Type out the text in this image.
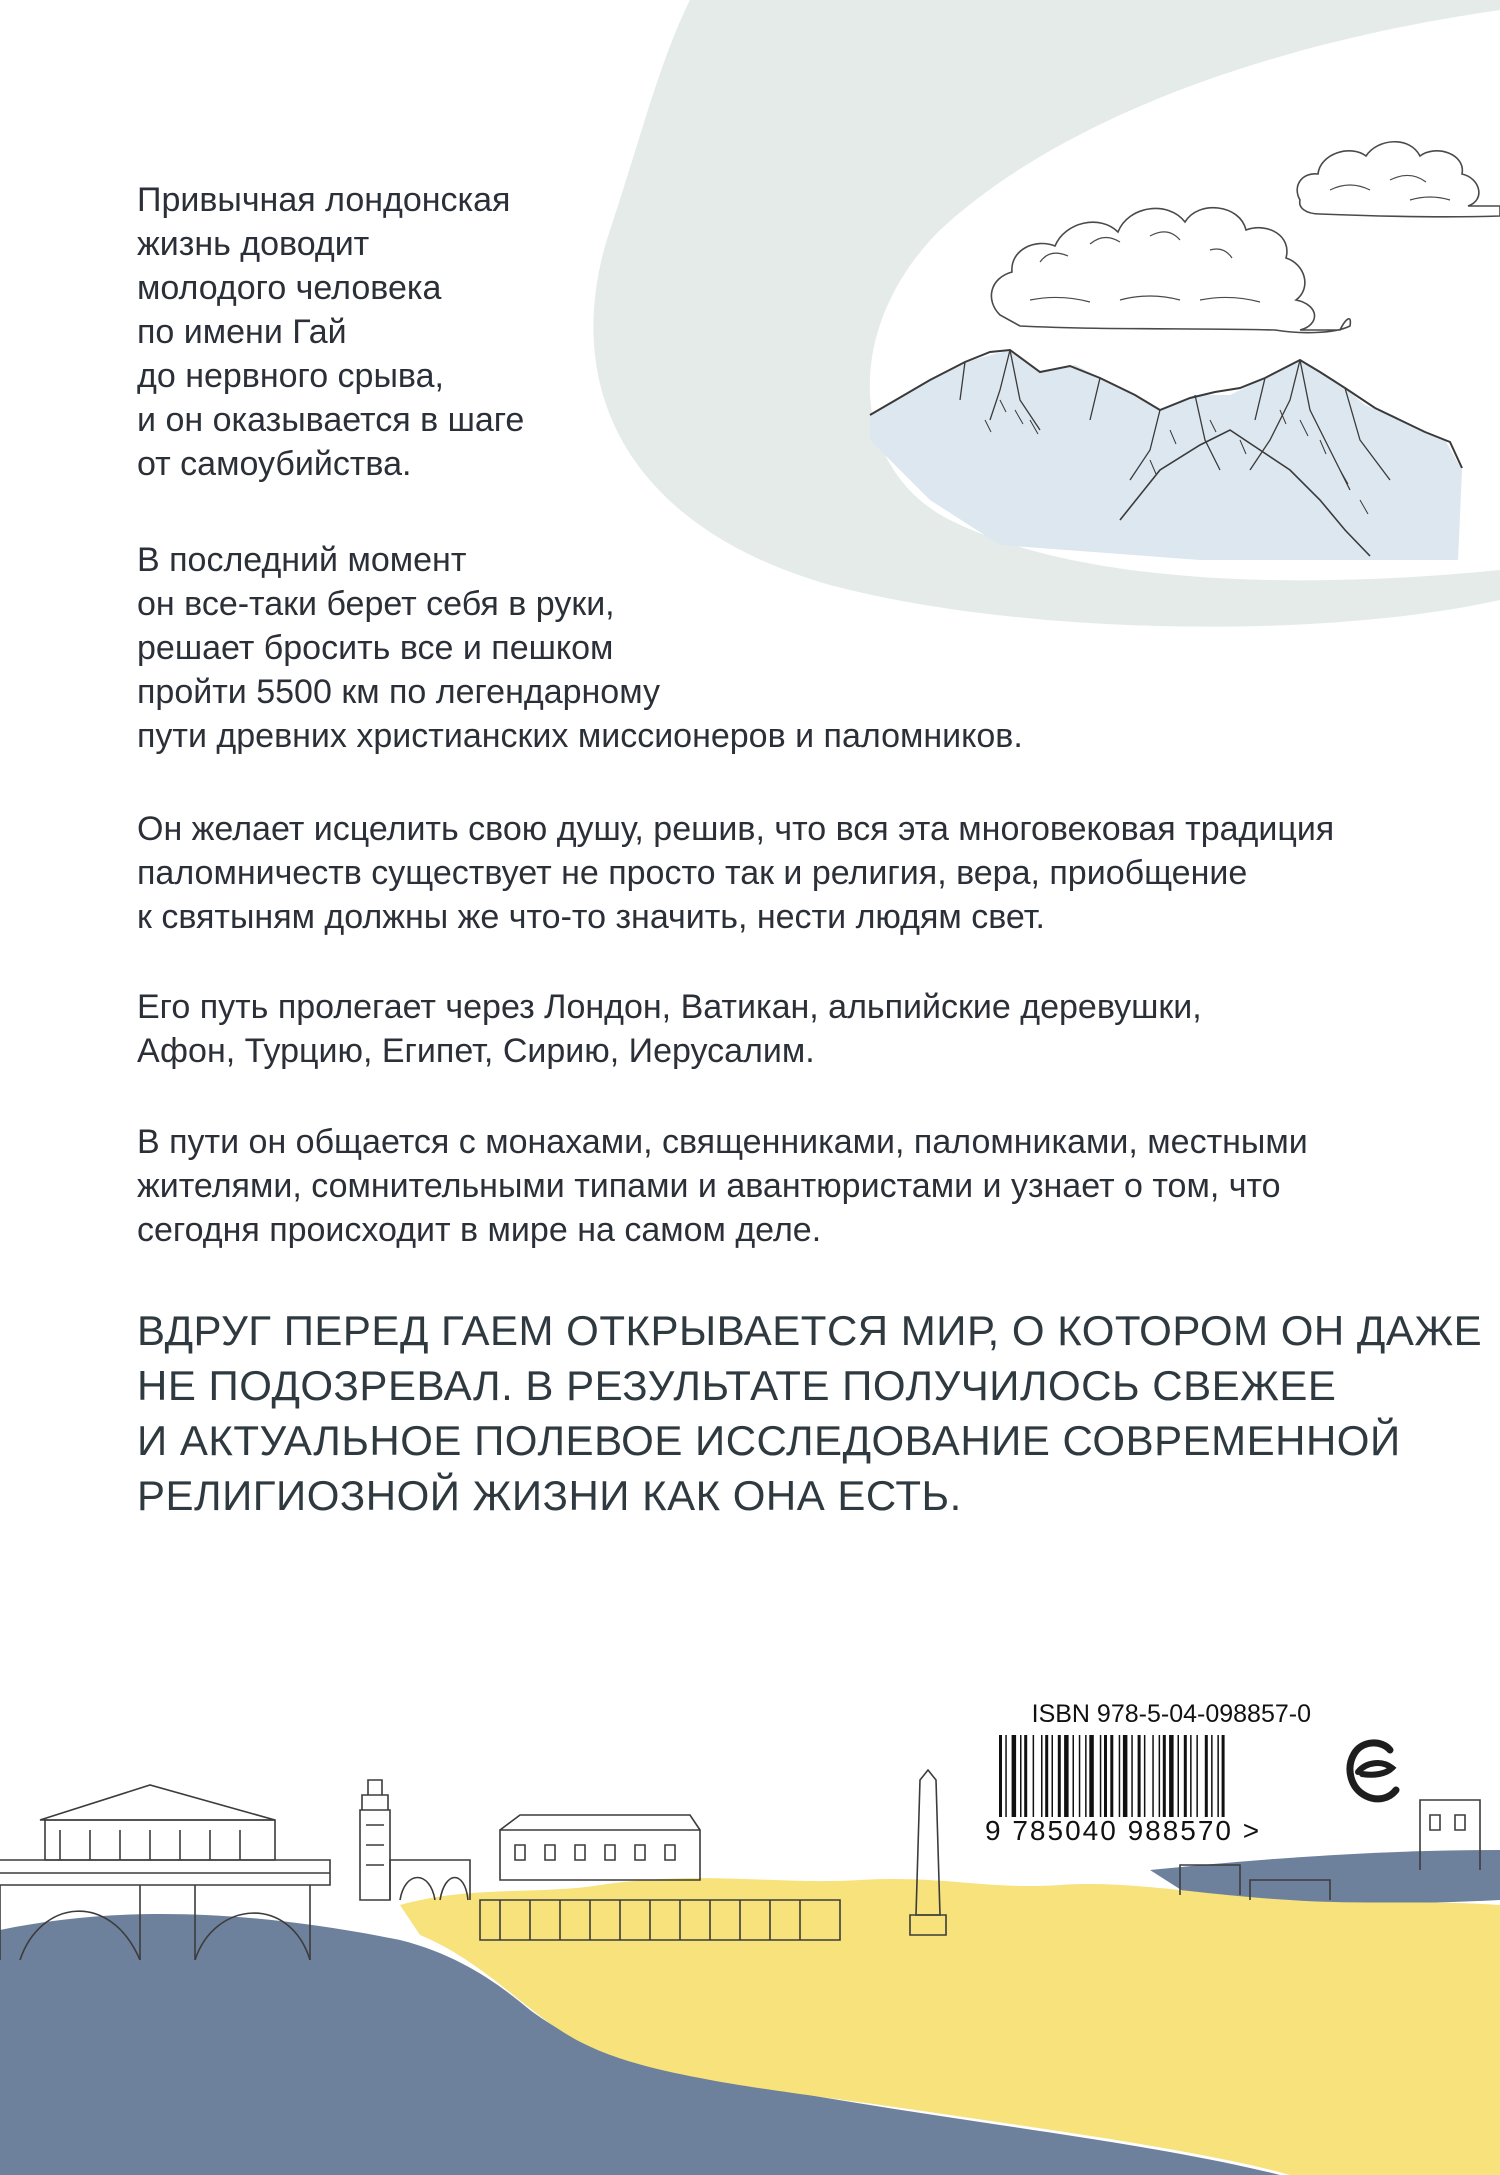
Привычная лондонская
жизнь доводит
молодого человека
по имени Гай
до нервного срыва,
и он оказывается в шаге
от самоубийства.
В последний момент
он все-таки берет себя в руки,
решает бросить все и пешком
пройти 5500 км по легендарному
пути древних христианских миссионеров и паломников.
Он желает исцелить свою душу, решив, что вся эта многовековая традиция
паломничеств существует не просто так и религия, вера, приобщение
к святыням должны же что-то значить, нести людям свет.
Его путь пролегает через Лондон, Ватикан, альпийские деревушки,
Афон, Турцию, Египет, Сирию, Иерусалим.
В пути он общается с монахами, священниками, паломниками, местными
жителями, сомнительными типами и авантюристами и узнает о том, что
сегодня происходит в мире на самом деле.
ВДРУГ ПЕРЕД ГАЕМ ОТКРЫВАЕТСЯ МИР, О КОТОРОМ ОН ДАЖЕ
НЕ ПОДОЗРЕВАЛ. В РЕЗУЛЬТАТЕ ПОЛУЧИЛОСЬ СВЕЖЕЕ
И АКТУАЛЬНОЕ ПОЛЕВОЕ ИССЛЕДОВАНИЕ СОВРЕМЕННОЙ
РЕЛИГИОЗНОЙ ЖИЗНИ КАК ОНА ЕСТЬ.
ISBN 978-5-04-098857-0
9 785040 988570 >
